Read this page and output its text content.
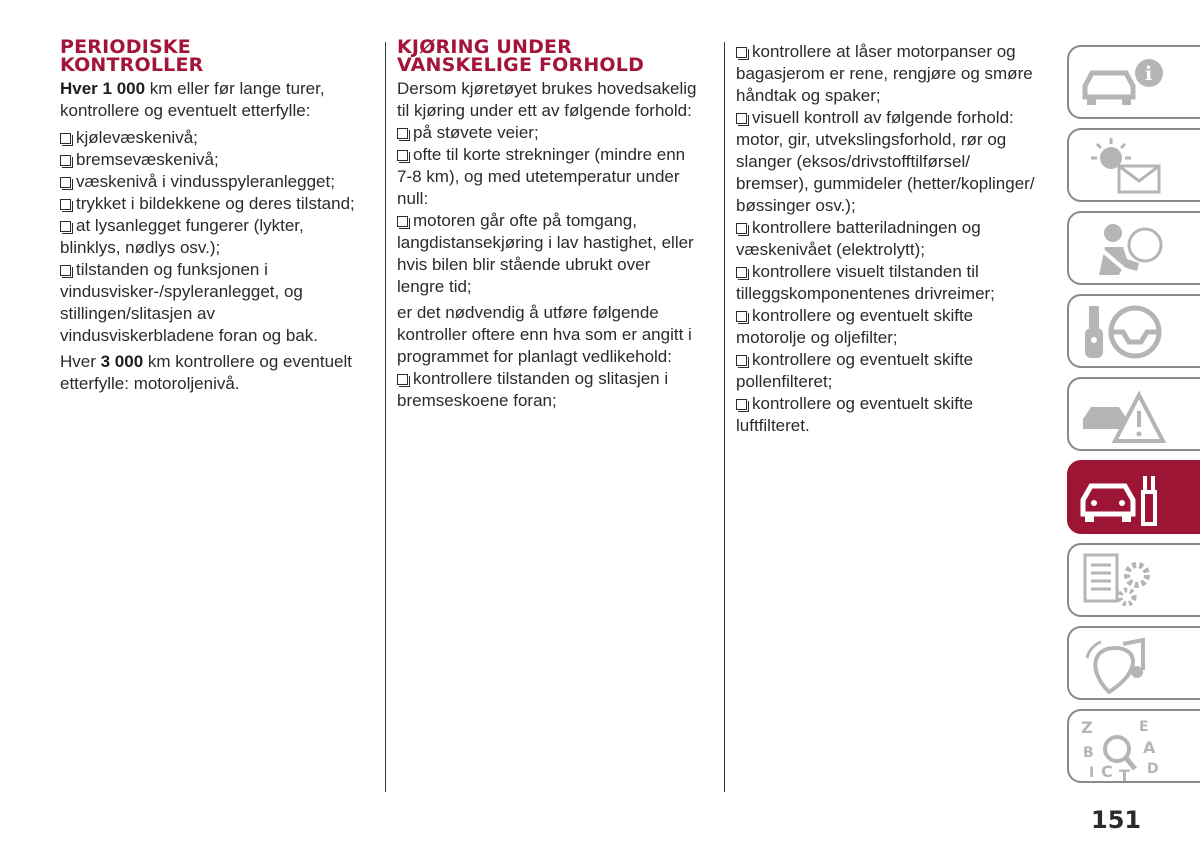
PERIODISKE
KONTROLLER

Hver 1 000 km eller før lange turer,
kontrollere og eventuelt etterfylle:

kjølevæskenivå;
bremsevæskenivå;
væskenivå i vindusspyleranlegget;
trykket i bildekkene og deres tilstand;
at lysanlegget fungerer (lykter,
blinklys, nødlys osv.);
tilstanden og funksjonen i
vindusvisker-/spyleranlegget, og
stillingen/slitasjen av
vindusviskerbladene foran og bak.

Hver 3 000 km kontrollere og eventuelt
etterfylle: motoroljenivå.

KJØRING UNDER
VANSKELIGE FORHOLD
Dersom kjøretøyet brukes hovedsakelig
til kjøring under ett av følgende forhold:
på støvete veier;
ofte til korte strekninger (mindre enn
7-8 km), og med utetemperatur under
null:
motoren går ofte på tomgang,
langdistansekjøring i lav hastighet, eller
hvis bilen blir stående ubrukt over
lengre tid;
er det nødvendig å utføre følgende
kontroller oftere enn hva som er angitt i
programmet for planlagt vedlikehold:
kontrollere tilstanden og slitasjen i
bremseskoene foran;
kontrollere at låser motorpanser og
bagasjerom er rene, rengjøre og smøre
håndtak og spaker;
visuell kontroll av følgende forhold:
motor, gir, utvekslingsforhold, rør og
slanger (eksos/drivstofftilførsel/
bremser), gummideler (hetter/koplinger/
bøssinger osv.);
kontrollere batteriladningen og
væskenivået (elektrolytt);
kontrollere visuelt tilstanden til
tilleggskomponentenes drivreimer;
kontrollere og eventuelt skifte
motorolje og oljefilter;
kontrollere og eventuelt skifte
pollenfilteret;
kontrollere og eventuelt skifte
luftfilteret.
i
Z	E
B	A
I C T D
151
